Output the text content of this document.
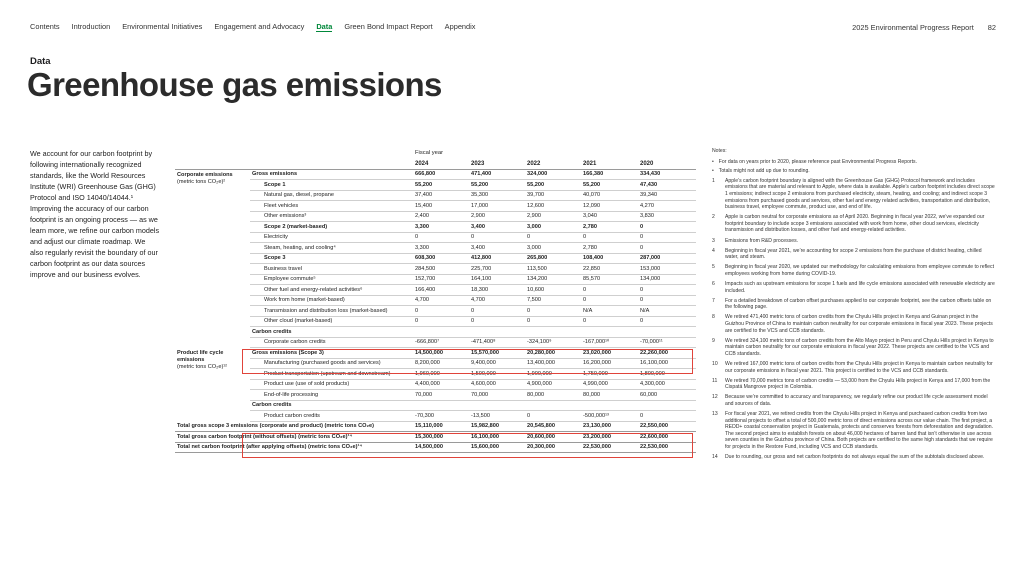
Contents Introduction Environmental Initiatives Engagement and Advocacy Data Green Bond Impact Report Appendix	2025 Environmental Progress Report 82
Data
Greenhouse gas emissions

We account for our carbon footprint by following internationally recognized standards, like the World Resources Institute (WRI) Greenhouse Gas (GHG) Protocol and ISO 14040/14044.¹ Improving the accuracy of our carbon footprint is an ongoing process — as we learn more, we refine our carbon models and adjust our climate roadmap. We also regularly revisit the boundary of our carbon footprint as our data sources improve and our business evolves.

		Fiscal year				
		2024	2023	2022	2021	2020

Corporate emissions
(metric tons CO₂e)²	Gross emissions	666,800	471,400	324,000	166,380	334,430
	Scope 1	55,200	55,200	55,200	55,200	47,430
	Natural gas, diesel, propane	37,400	35,300	39,700	40,070	39,340
	Fleet vehicles	15,400	17,000	12,600	12,090	4,270
	Other emissions³	2,400	2,900	2,900	3,040	3,830
	Scope 2 (market-based)	3,300	3,400	3,000	2,780	0
	Electricity	0	0	0	0	0
	Steam, heating, and cooling⁴	3,300	3,400	3,000	2,780	0
	Scope 3	608,300	412,800	265,800	108,400	287,000
	Business travel	284,500	225,700	113,500	22,850	153,000
	Employee commute⁵	152,700	164,100	134,200	85,570	134,000
	Other fuel and energy-related activities⁶	166,400	18,300	10,600	0	0
	Work from home (market-based)	4,700	4,700	7,500	0	0
	Transmission and distribution loss (market-based)	0	0	0	N/A	N/A
	Other cloud (market-based)	0	0	0	0	0
	Carbon credits					
	Corporate carbon credits	-666,800⁷	-471,400⁸	-324,100⁹	-167,000¹⁰	-70,000¹¹

Product life cycle emissions
(metric tons CO₂e)¹²	Gross emissions (Scope 3)	14,500,000	15,570,000	20,280,000	23,020,000	22,260,000
	Manufacturing (purchased goods and services)	8,200,000	9,400,000	13,400,000	16,200,000	16,100,000
	Product transportation (upstream and downstream)	1,960,000	1,500,000	1,900,000	1,750,000	1,800,000
	Product use (use of sold products)	4,400,000	4,600,000	4,900,000	4,990,000	4,300,000
	End-of-life processing	70,000	70,000	80,000	80,000	60,000
	Carbon credits					
	Product carbon credits	-70,300	-13,500	0	-500,000¹³	0
Total gross scope 3 emissions (corporate and product) (metric tons CO₂e)		15,110,000	15,982,800	20,545,800	23,130,000	22,550,000
Total gross carbon footprint (without offsets) (metric tons CO₂e)¹⁴		15,300,000	16,100,000	20,600,000	23,200,000	22,600,000
Total net carbon footprint (after applying offsets) (metric tons CO₂e)¹⁴		14,500,000	15,600,000	20,300,000	22,530,000	22,530,000
Notes:
• For data on years prior to 2020, please reference past Environmental Progress Reports.
• Totals might not add up due to rounding.
1	Apple’s carbon footprint boundary is aligned with the Greenhouse Gas (GHG) Protocol framework and includes emissions that are material and relevant to Apple, where data is available. Apple’s carbon footprint includes direct scope 1 emissions; indirect scope 2 emissions from purchased electricity, steam, heating, and cooling; and indirect scope 3 emissions from purchased goods and services, other fuel and energy related activities, transportation and distribution, business travel, employee commute, product use, and end of life.
2	Apple is carbon neutral for corporate emissions as of April 2020. Beginning in fiscal year 2022, we’ve expanded our footprint boundary to include scope 3 emissions associated with work from home, other cloud services, electricity transmission and distribution losses, and other fuel and energy-related activities.
3	Emissions from R&D processes.
4	Beginning in fiscal year 2021, we’re accounting for scope 2 emissions from the purchase of district heating, chilled water, and steam.
5	Beginning in fiscal year 2020, we updated our methodology for calculating emissions from employee commute to reflect employees working from home during COVID-19.
6	Impacts such as upstream emissions for scope 1 fuels and life cycle emissions associated with renewable electricity are included.
7	For a detailed breakdown of carbon offset purchases applied to our corporate footprint, see the carbon offsets table on the following page.
8	We retired 471,400 metric tons of carbon credits from the Chyulu Hills project in Kenya and Guinan project in the Guizhou Province of China to maintain carbon neutrality for our corporate emissions in fiscal year 2023. These projects are certified to the VCS and CCB standards.
9	We retired 324,100 metric tons of carbon credits from the Alto Mayo project in Peru and Chyulu Hills project in Kenya to maintain carbon neutrality for our corporate emissions in fiscal year 2022. These projects are certified to the VCS and CCB standards.
10 We retired 167,000 metric tons of carbon credits from the Chyulu Hills project in Kenya to maintain carbon neutrality for our corporate emissions in fiscal year 2021. This project is certified to the VCS and CCB standards.
11	We retired 70,000 metrics tons of carbon credits — 53,000 from the Chyulu Hills project in Kenya and 17,000 from the Cispatá Mangrove project in Colombia.
12 Because we’re committed to accuracy and transparency, we regularly refine our product life cycle assessment model and sources of data.
13 For fiscal year 2021, we retired credits from the Chyulu Hills project in Kenya and purchased carbon credits from two additional projects to offset a total of 500,000 metric tons of direct emissions across our value chain. The first project, a REDD+ coastal conservation project in Guatemala, protects and conserves forests from deforestation and degradation. The second project aims to establish forests on about 46,000 hectares of barren land that isn’t otherwise in use across seven counties in the Guizhou province of China. Both projects are certified to the same high standards that we require for projects in the Restore Fund, including VCS and CCB standards.
14 Due to rounding, our gross and net carbon footprints do not always equal the sum of the subtotals disclosed above.
